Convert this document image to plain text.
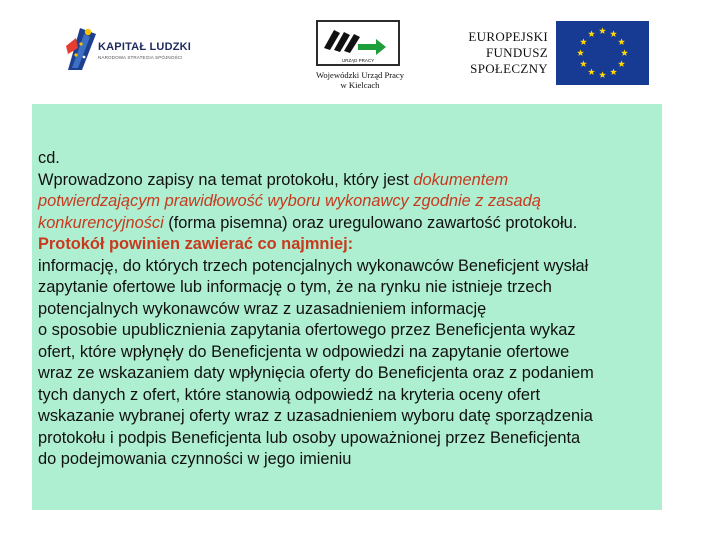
KAPITAŁ LUDZKI
NARODOWA STRATEGIA SPÓJNOŚCI
URZĄD PRACY
Wojewódzki Urząd Pracy
w Kielcach
EUROPEJSKI
FUNDUSZ
SPOŁECZNY
cd.
Wprowadzono zapisy na temat protokołu, który jest dokumentem
potwierdzającym prawidłowość wyboru wykonawcy zgodnie z zasadą
konkurencyjności (forma pisemna) oraz uregulowano zawartość protokołu.
Protokół powinien zawierać co najmniej:
informację, do których trzech potencjalnych wykonawców Beneficjent wysłał
zapytanie ofertowe lub informację o tym, że na rynku nie istnieje trzech
potencjalnych wykonawców wraz z uzasadnieniem informację
o sposobie upublicznienia zapytania ofertowego przez Beneficjenta wykaz
ofert, które wpłynęły do Beneficjenta w odpowiedzi na zapytanie ofertowe
wraz ze wskazaniem daty wpłynięcia oferty do Beneficjenta oraz z podaniem
tych danych z ofert, które stanowią odpowiedź na kryteria oceny ofert
wskazanie wybranej oferty wraz z uzasadnieniem wyboru datę sporządzenia
protokołu i podpis Beneficjenta lub osoby upoważnionej przez Beneficjenta
do podejmowania czynności w jego imieniu
